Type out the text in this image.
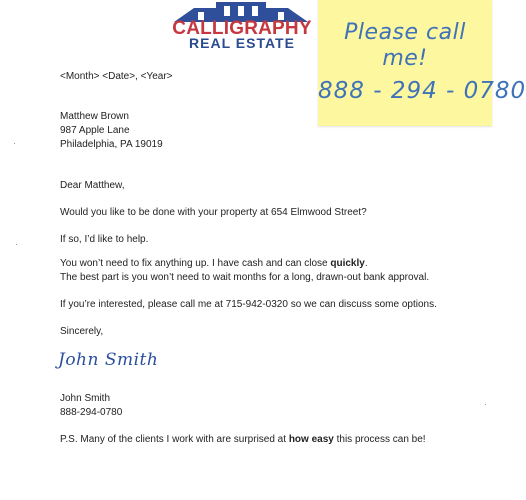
CALLIGRAPHY
REAL ESTATE	Please call
me!
888 - 294 - 0780
<Month> <Date>, <Year>
Matthew Brown
987 Apple Lane
Philadelphia, PA 19019
Dear Matthew,
Would you like to be done with your property at 654 Elmwood Street?
If so, I’d like to help.
You won’t need to fix anything up. I have cash and can close quickly.
The best part is you won’t need to wait months for a long, drawn-out bank approval.
If you’re interested, please call me at 715-942-0320 so we can discuss some options.
Sincerely,
John Smith
John Smith
888-294-0780
P.S. Many of the clients I work with are surprised at how easy this process can be!
